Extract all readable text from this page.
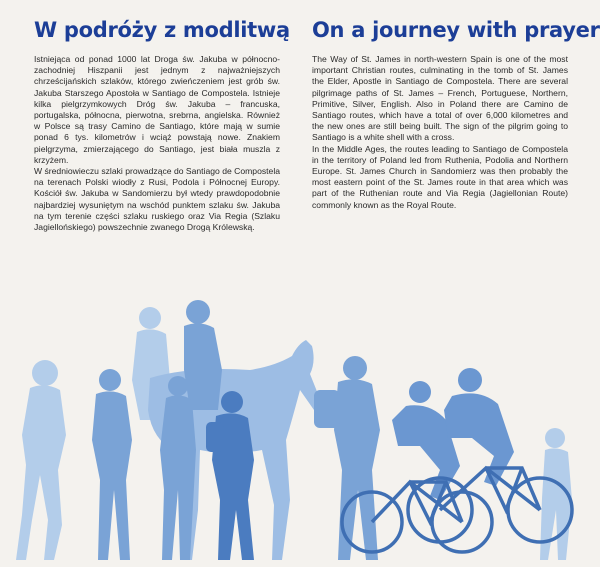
W podróży z modlitwą

Istniejąca od ponad 1000 lat Droga św. Jakuba w północno-zachodniej Hiszpanii jest jednym z najważniejszych chrześcijańskich szlaków, którego zwieńczeniem jest grób św. Jakuba Starszego Apostoła w Santiago de Compostela. Istnieje kilka pielgrzymkowych Dróg św. Jakuba – francuska, portugalska, północna, pierwotna, srebrna, angielska. Również w Polsce są trasy Camino de Santiago, które mają w sumie ponad 6 tys. kilometrów i wciąż powstają nowe. Znakiem pielgrzyma, zmierzającego do Santiago, jest biała muszla z krzyżem.

W średniowieczu szlaki prowadzące do Santiago de Compostela na terenach Polski wiodły z Rusi, Podola i Północnej Europy. Kościół św. Jakuba w Sandomierzu był wtedy prawdopodobnie najbardziej wysuniętym na wschód punktem szlaku św. Jakuba na tym terenie części szlaku ruskiego oraz Via Regia (Szlaku Jagiellońskiego) powszechnie zwanego Drogą Królewską.

On a journey with prayer

The Way of St. James in north-western Spain is one of the most important Christian routes, culminating in the tomb of St. James the Elder, Apostle in Santiago de Compostela. There are several pilgrimage paths of St. James – French, Portuguese, Northern, Primitive, Silver, English. Also in Poland there are Camino de Santiago routes, which have a total of over 6,000 kilometres and the new ones are still being built. The sign of the pilgrim going to Santiago is a white shell with a cross.

In the Middle Ages, the routes leading to Santiago de Compostela in the territory of Poland led from Ruthenia, Podolia and Northern Europe. St. James Church in Sandomierz was then probably the most eastern point of the St. James route in that area which was part of the Ruthenian route and Via Regia (Jagiellonian Route) commonly known as the Royal Route.
